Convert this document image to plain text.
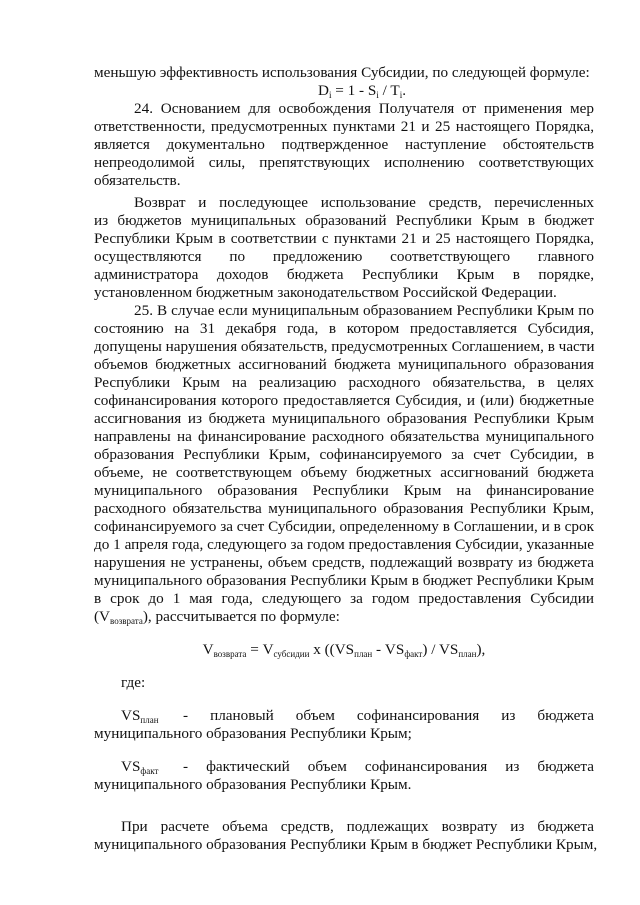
меньшую эффективность использования Субсидии, по следующей формуле:
$D_i = 1 - S_i / T_i$.
24. Основанием для освобождения Получателя от применения мер
ответственности, предусмотренных пунктами 21 и 25 настоящего Порядка,
является документально подтвержденное наступление обстоятельств
непреодолимой силы, препятствующих исполнению соответствующих
обязательств.
Возврат и последующее использование средств, перечисленных
из бюджетов муниципальных образований Республики Крым в бюджет
Республики Крым в соответствии с пунктами 21 и 25 настоящего Порядка,
осуществляются по предложению соответствующего главного
администратора доходов бюджета Республики Крым в порядке,
установленном бюджетным законодательством Российской Федерации.
25. В случае если муниципальным образованием Республики Крым по
состоянию на 31 декабря года, в котором предоставляется Субсидия,
допущены нарушения обязательств, предусмотренных Соглашением, в части
объемов бюджетных ассигнований бюджета муниципального образования
Республики Крым на реализацию расходного обязательства, в целях
софинансирования которого предоставляется Субсидия, и (или) бюджетные
ассигнования из бюджета муниципального образования Республики Крым
направлены на финансирование расходного обязательства муниципального
образования Республики Крым, софинансируемого за счет Субсидии, в
объеме, не соответствующем объему бюджетных ассигнований бюджета
муниципального образования Республики Крым на финансирование
расходного обязательства муниципального образования Республики Крым,
софинансируемого за счет Субсидии, определенному в Соглашении, и в срок
до 1 апреля года, следующего за годом предоставления Субсидии, указанные
нарушения не устранены, объем средств, подлежащий возврату из бюджета
муниципального образования Республики Крым в бюджет Республики Крым
в срок до 1 мая года, следующего за годом предоставления Субсидии
$(V_{возврата})$, рассчитывается по формуле:
$V_{возврата} = V_{субсидии}$ x $((VS_{план} - VS_{факт}) / VS_{план})$,
где:
$VS_{план}$	- плановый объем софинансирования из бюджета
муниципального образования Республики Крым;
$VS_{факт}$	- фактический объем софинансирования из бюджета
муниципального образования Республики Крым.
При расчете объема средств, подлежащих возврату из бюджета
муниципального образования Республики Крым в бюджет Республики Крым,
